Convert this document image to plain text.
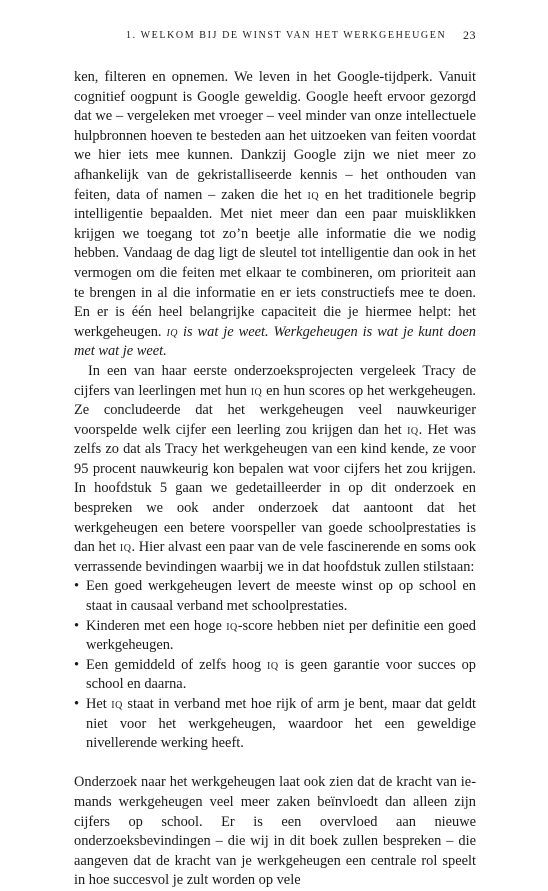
1. WELKOM BIJ DE WINST VAN HET WERKGEHEUGEN 23

ken, filteren en opnemen. We leven in het Google-tijdperk. Vanuit cognitief oogpunt is Google geweldig. Google heeft ervoor gezorgd dat we – vergeleken met vroeger – veel minder van onze intellectuele hulpbronnen hoeven te besteden aan het uitzoeken van feiten voordat we hier iets mee kunnen. Dankzij Google zijn we niet meer zo afhankelijk van de gekristalliseerde kennis – het onthouden van feiten, data of namen – zaken die het iq en het traditionele begrip intelligentie bepaalden. Met niet meer dan een paar muisklikken krijgen we toegang tot zo’n beetje alle informatie die we nodig hebben. Vandaag de dag ligt de sleutel tot intelligentie dan ook in het vermogen om die feiten met elkaar te combineren, om prioriteit aan te brengen in al die informatie en er iets constructiefs mee te doen. En er is één heel belangrijke capaciteit die je hiermee helpt: het werkgeheugen. iq is wat je weet. Werkgeheugen is wat je kunt doen met wat je weet.

In een van haar eerste onderzoeksprojecten vergeleek Tracy de cijfers van leerlingen met hun iq en hun scores op het werkgeheugen. Ze concludeerde dat het werkgeheugen veel nauwkeuriger voorspelde welk cijfer een leerling zou krijgen dan het iq. Het was zelfs zo dat als Tracy het werkgeheugen van een kind kende, ze voor 95 procent nauwkeurig kon bepalen wat voor cijfers het zou krijgen. In hoofdstuk 5 gaan we gedetailleerder in op dit onderzoek en bespreken we ook ander onderzoek dat aantoont dat het werkgeheugen een betere voorspeller van goede schoolprestaties is dan het iq. Hier alvast een paar van de vele fascinerende en soms ook verrassende bevindingen waarbij we in dat hoofdstuk zullen stilstaan:

• Een goed werkgeheugen levert de meeste winst op op school en staat in causaal verband met schoolprestaties.
• Kinderen met een hoge iq-score hebben niet per definitie een goed werkgeheugen.
• Een gemiddeld of zelfs hoog iq is geen garantie voor succes op school en daarna.
• Het iq staat in verband met hoe rijk of arm je bent, maar dat geldt niet voor het werkgeheugen, waardoor het een geweldige nivellerende werking heeft.

Onderzoek naar het werkgeheugen laat ook zien dat de kracht van iemands werkgeheugen veel meer zaken beïnvloedt dan alleen zijn cijfers op school. Er is een overvloed aan nieuwe onderzoeksbevindingen – die wij in dit boek zullen bespreken – die aangeven dat de kracht van je werkgeheugen een centrale rol speelt in hoe succesvol je zult worden op vele
